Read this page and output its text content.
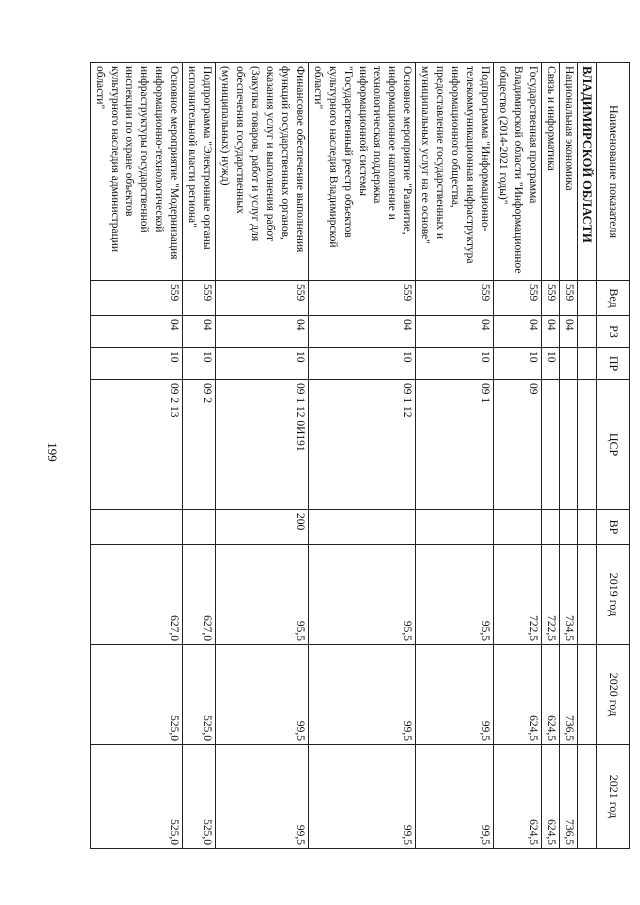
199
Наименование показателя	Вед	РЗ	ПР	ЦСР	ВР	2019 год	2020 год	2021 год
ВЛАДИМИРСКОЙ ОБЛАСТИ								
Национальная экономика	559	04				734,5	736,5	736,5
Связь и информатика	559	04	10			722,5	624,5	624,5
Государственная программа Владимирской области "Информационное общество (2014-2021 годы)"	559	04	10	09		722,5	624,5	624,5
Подпрограмма "Информационно-телекоммуникационная инфраструктура информационного общества, предоставление государственных и муниципальных услуг на ее основе"	559	04	10	09 1		95,5	99,5	99,5
Основное мероприятие "Развитие, информационное наполнение и технологическая поддержка информационной системы "Государственный реестр объектов культурного наследия Владимирской области"	559	04	10	09 1 12		95,5	99,5	99,5
Финансовое обеспечение выполнения функций государственных органов, оказания услуг и выполнения работ (Закупка товаров, работ и услуг для обеспечения государственных (муниципальных) нужд)	559	04	10	09 1 12 0И191	200	95,5	99,5	99,5
Подпрограмма "Электронные органы исполнительной власти региона"	559	04	10	09 2		627,0	525,0	525,0
Основное мероприятие "Модернизация информационно-технологической инфраструктуры государственной инспекции по охране объектов культурного наследия администрации области"	559	04	10	09 2 13		627,0	525,0	525,0
